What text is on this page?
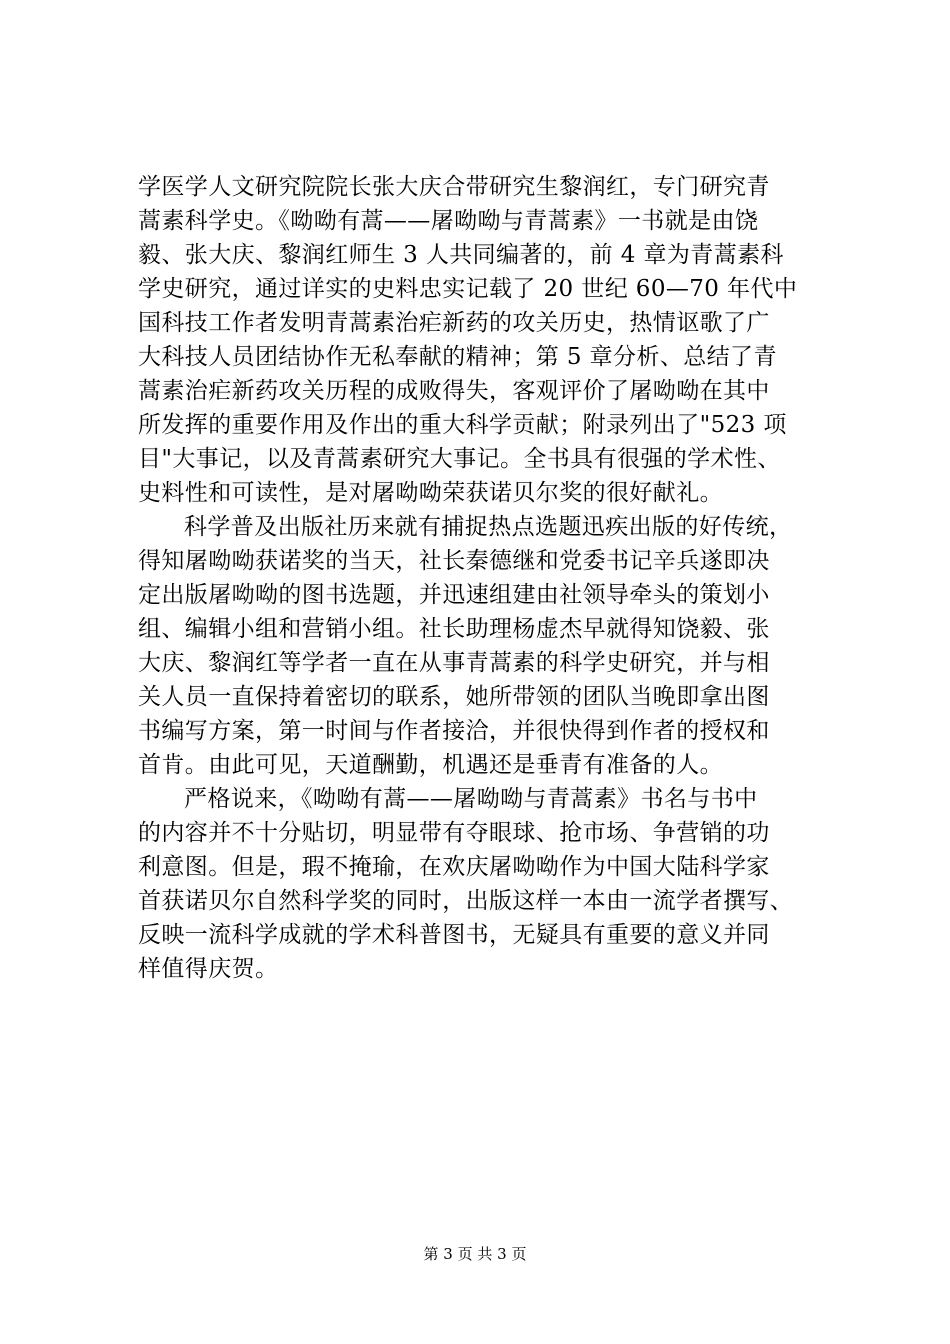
学医学人文研究院院长张大庆合带研究生黎润红，专门研究青
蒿素科学史。《呦呦有蒿——屠呦呦与青蒿素》一书就是由饶
毅、张大庆、黎润红师生 3 人共同编著的，前 4 章为青蒿素科
学史研究，通过详实的史料忠实记载了 20 世纪 60—70 年代中
国科技工作者发明青蒿素治疟新药的攻关历史，热情讴歌了广
大科技人员团结协作无私奉献的精神；第 5 章分析、总结了青
蒿素治疟新药攻关历程的成败得失，客观评价了屠呦呦在其中
所发挥的重要作用及作出的重大科学贡献；附录列出了"523 项
目"大事记，以及青蒿素研究大事记。全书具有很强的学术性、
史料性和可读性，是对屠呦呦荣获诺贝尔奖的很好献礼。
科学普及出版社历来就有捕捉热点选题迅疾出版的好传统，
得知屠呦呦获诺奖的当天，社长秦德继和党委书记辛兵遂即决
定出版屠呦呦的图书选题，并迅速组建由社领导牵头的策划小
组、编辑小组和营销小组。社长助理杨虚杰早就得知饶毅、张
大庆、黎润红等学者一直在从事青蒿素的科学史研究，并与相
关人员一直保持着密切的联系，她所带领的团队当晚即拿出图
书编写方案，第一时间与作者接洽，并很快得到作者的授权和
首肯。由此可见，天道酬勤，机遇还是垂青有准备的人。
严格说来，《呦呦有蒿——屠呦呦与青蒿素》书名与书中
的内容并不十分贴切，明显带有夺眼球、抢市场、争营销的功
利意图。但是，瑕不掩瑜，在欢庆屠呦呦作为中国大陆科学家
首获诺贝尔自然科学奖的同时，出版这样一本由一流学者撰写、
反映一流科学成就的学术科普图书，无疑具有重要的意义并同
样值得庆贺。
第 3 页 共 3 页
